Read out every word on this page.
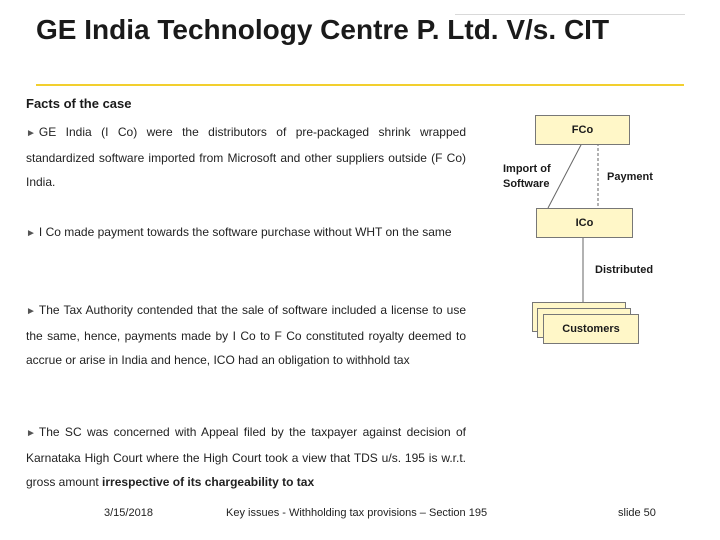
GE India Technology Centre P. Ltd. V/s. CIT
Facts of the case
► GE India (I Co) were the distributors of pre-packaged shrink wrapped standardized software imported from Microsoft and other suppliers outside (F Co) India.
► I Co made payment towards the software purchase without WHT on the same
► The Tax Authority contended that the sale of software included a license to use the same, hence, payments made by I Co to F Co constituted royalty deemed to accrue or arise in India and hence, ICO had an obligation to withhold tax
► The SC was concerned with Appeal filed by the taxpayer against decision of Karnataka High Court where the High Court took a view that TDS u/s. 195 is w.r.t. gross amount irrespective of its chargeability to tax
FCo
ICo
Customers
Import of
Software
Payment
Distributed
3/15/2018	Key issues - Withholding tax provisions – Section 195	slide 50
